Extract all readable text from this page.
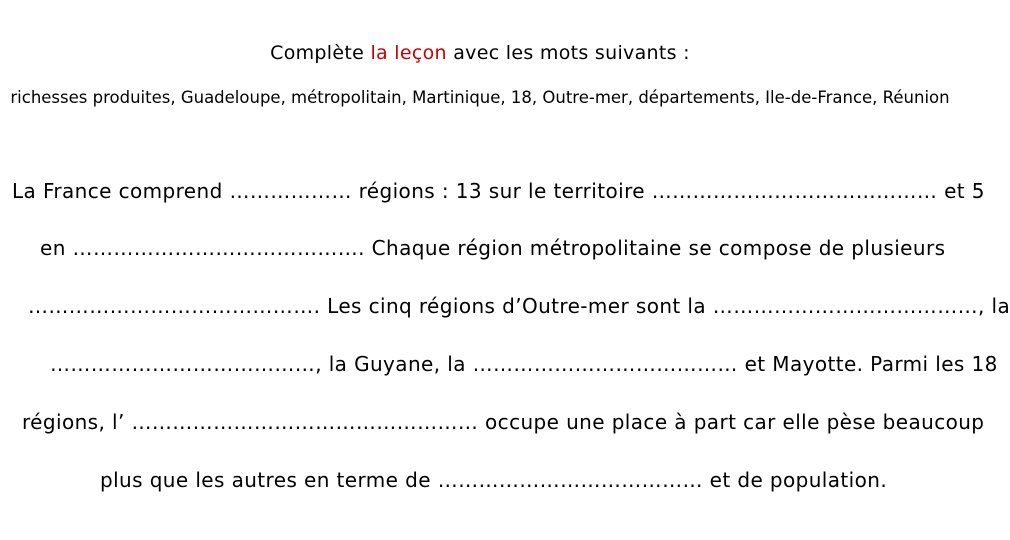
Complète la leçon avec les mots suivants :
richesses produites, Guadeloupe, métropolitain, Martinique, 18, Outre-mer, départements, Ile-de-France, Réunion
La France comprend ……………… régions : 13 sur le territoire …………………………………… et 5
en ……………………………………. Chaque région métropolitaine se compose de plusieurs
……………………………………. Les cinq régions d’Outre-mer sont la …………………………………, la
…………………………………, la Guyane, la ………………………………… et Mayotte. Parmi les 18
régions, l’ …………………………………………… occupe une place à part car elle pèse beaucoup
plus que les autres en terme de ………………………………… et de population.
